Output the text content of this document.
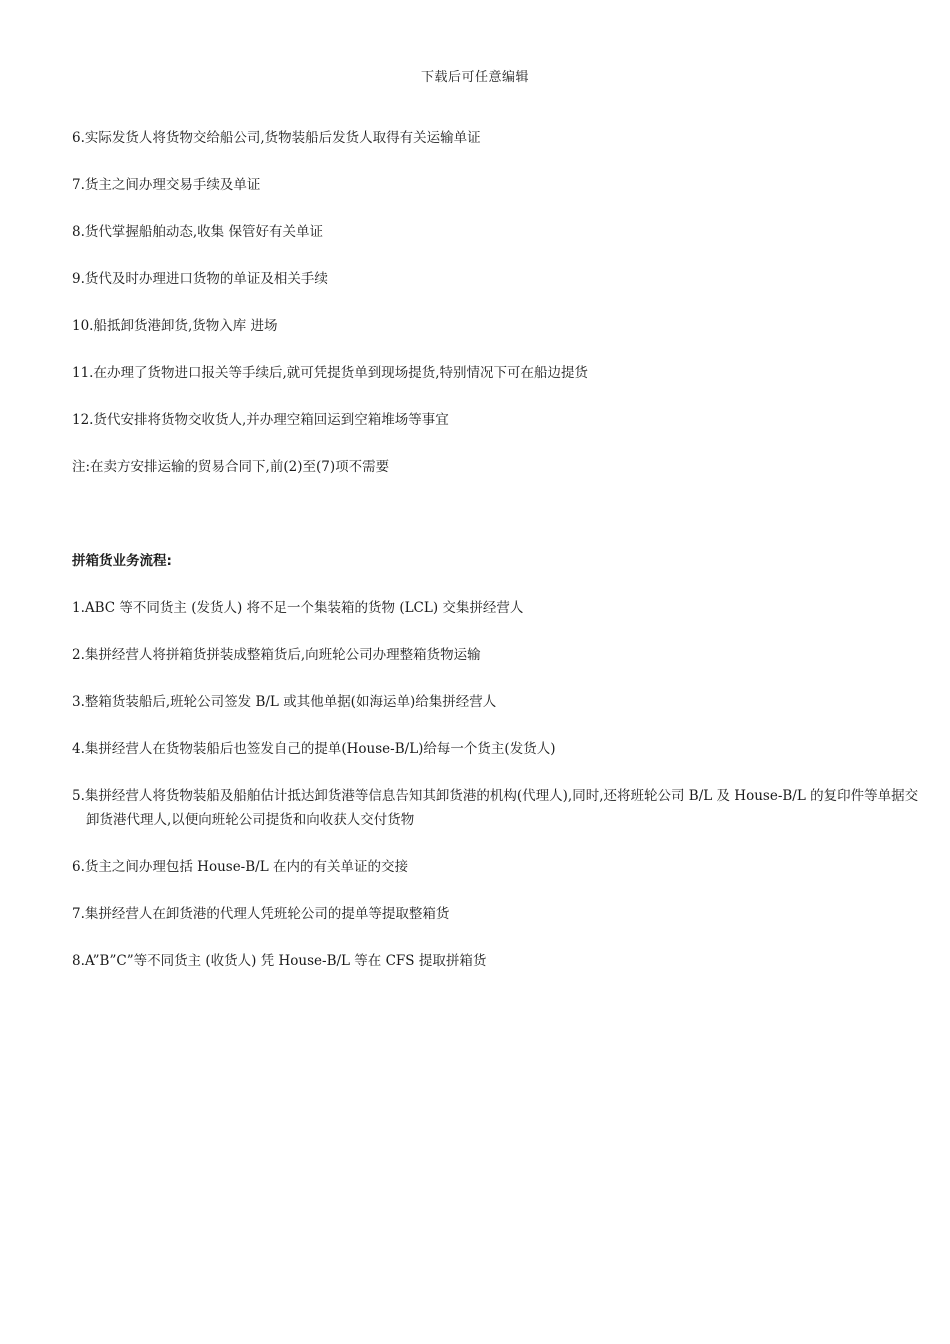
下载后可任意编辑

6.实际发货人将货物交给船公司,货物装船后发货人取得有关运输单证

7.货主之间办理交易手续及单证

8.货代掌握船舶动态,收集 保管好有关单证

9.货代及时办理进口货物的单证及相关手续

10.船抵卸货港卸货,货物入库 进场

11.在办理了货物进口报关等手续后,就可凭提货单到现场提货,特别情况下可在船边提货

12.货代安排将货物交收货人,并办理空箱回运到空箱堆场等事宜

注:在卖方安排运输的贸易合同下,前(2)至(7)项不需要

拼箱货业务流程:

1.ABC 等不同货主 (发货人) 将不足一个集装箱的货物 (LCL) 交集拼经营人

2.集拼经营人将拼箱货拼装成整箱货后,向班轮公司办理整箱货物运输

3.整箱货装船后,班轮公司签发 B/L 或其他单据(如海运单)给集拼经营人

4.集拼经营人在货物装船后也签发自己的提单(House-B/L)给每一个货主(发货人)

5.集拼经营人将货物装船及船舶估计抵达卸货港等信息告知其卸货港的机构(代理人),同时,还将班轮公司 B/L 及 House-B/L 的复印件等单据交卸货港代理人,以便向班轮公司提货和向收获人交付货物

6.货主之间办理包括 House-B/L 在内的有关单证的交接

7.集拼经营人在卸货港的代理人凭班轮公司的提单等提取整箱货

8.A”B”C”等不同货主 (收货人) 凭 House-B/L 等在 CFS 提取拼箱货
